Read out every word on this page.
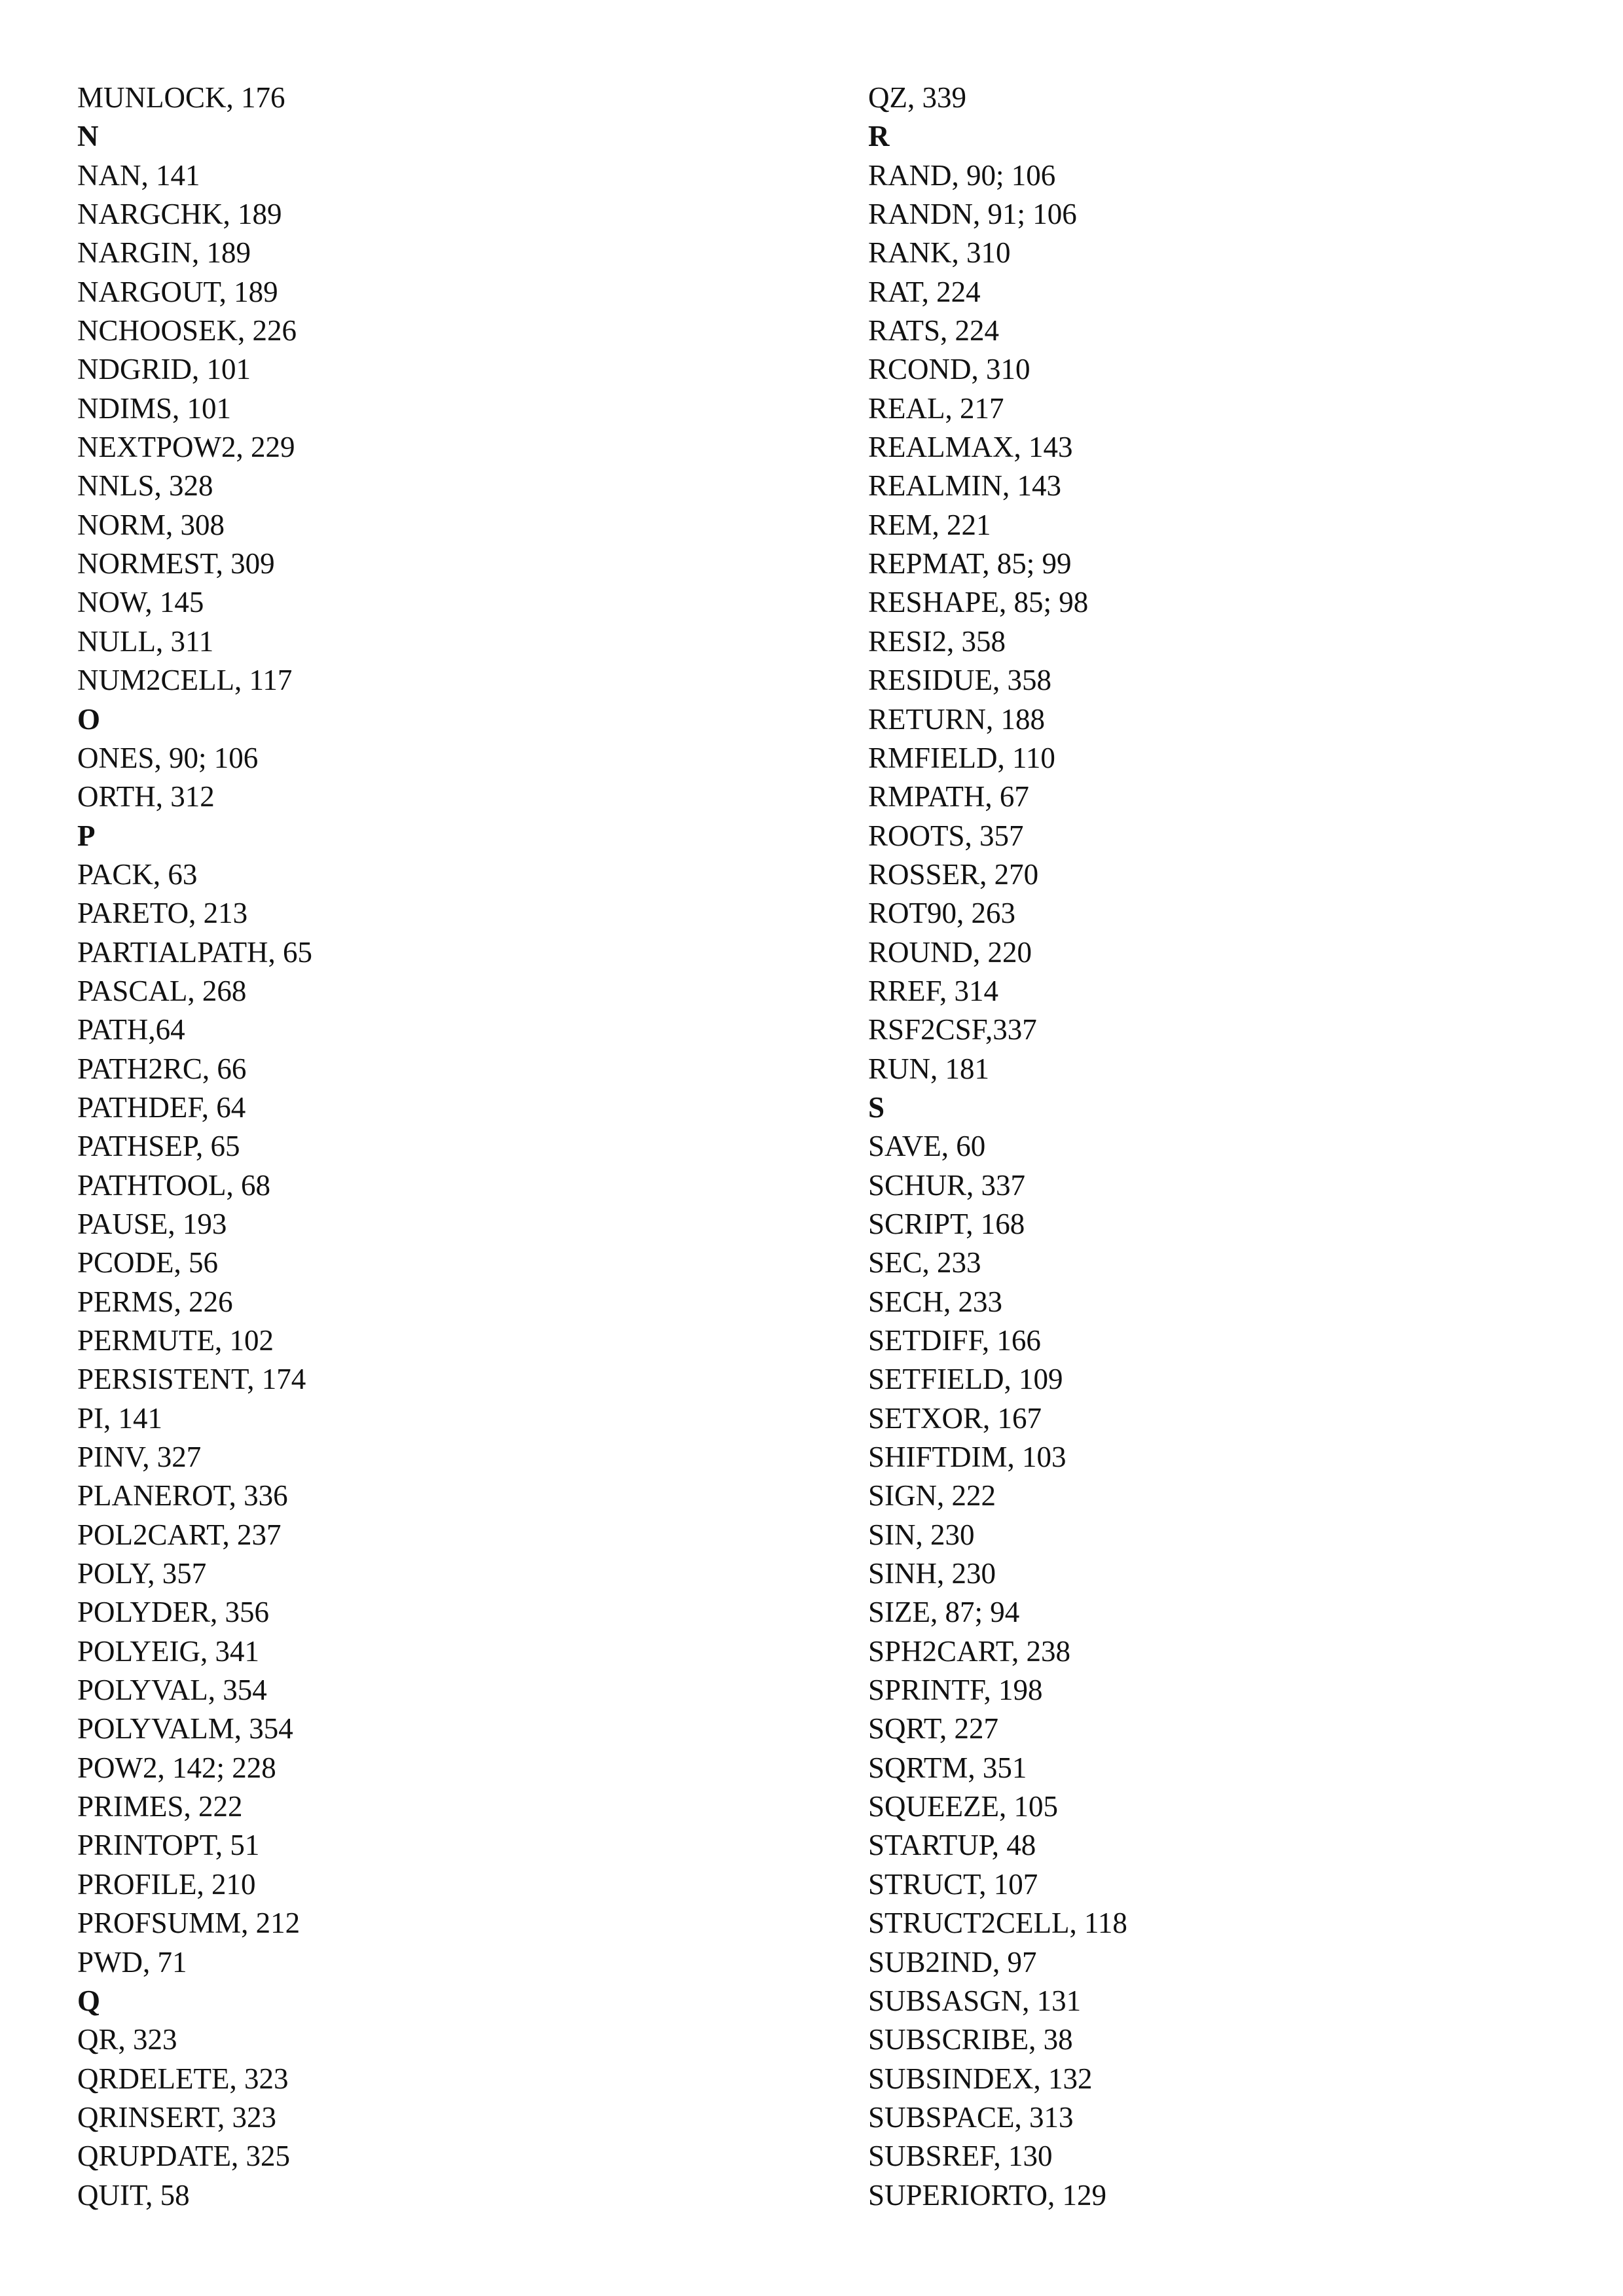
MUNLOCK, 176
N
NAN, 141
NARGCHK, 189
NARGIN, 189
NARGOUT, 189
NCHOOSEK, 226
NDGRID, 101
NDIMS, 101
NEXTPOW2, 229
NNLS, 328
NORM, 308
NORMEST, 309
NOW, 145
NULL, 311
NUM2CELL, 117
O
ONES, 90; 106
ORTH, 312
P
PACK, 63
PARETO, 213
PARTIALPATH, 65
PASCAL, 268
PATH,64
PATH2RC, 66
PATHDEF, 64
PATHSEP, 65
PATHTOOL, 68
PAUSE, 193
PCODE, 56
PERMS, 226
PERMUTE, 102
PERSISTENT, 174
PI, 141
PINV, 327
PLANEROT, 336
POL2CART, 237
POLY, 357
POLYDER, 356
POLYEIG, 341
POLYVAL, 354
POLYVALM, 354
POW2, 142; 228
PRIMES, 222
PRINTOPT, 51
PROFILE, 210
PROFSUMM, 212
PWD, 71
Q
QR, 323
QRDELETE, 323
QRINSERT, 323
QRUPDATE, 325
QUIT, 58
QZ, 339
R
RAND, 90; 106
RANDN, 91; 106
RANK, 310
RAT, 224
RATS, 224
RCOND, 310
REAL, 217
REALMAX, 143
REALMIN, 143
REM, 221
REPMAT, 85; 99
RESHAPE, 85; 98
RESI2, 358
RESIDUE, 358
RETURN, 188
RMFIELD, 110
RMPATH, 67
ROOTS, 357
ROSSER, 270
ROT90, 263
ROUND, 220
RREF, 314
RSF2CSF,337
RUN, 181
S
SAVE, 60
SCHUR, 337
SCRIPT, 168
SEC, 233
SECH, 233
SETDIFF, 166
SETFIELD, 109
SETXOR, 167
SHIFTDIM, 103
SIGN, 222
SIN, 230
SINH, 230
SIZE, 87; 94
SPH2CART, 238
SPRINTF, 198
SQRT, 227
SQRTM, 351
SQUEEZE, 105
STARTUP, 48
STRUCT, 107
STRUCT2CELL, 118
SUB2IND, 97
SUBSASGN, 131
SUBSCRIBE, 38
SUBSINDEX, 132
SUBSPACE, 313
SUBSREF, 130
SUPERIORTO, 129
